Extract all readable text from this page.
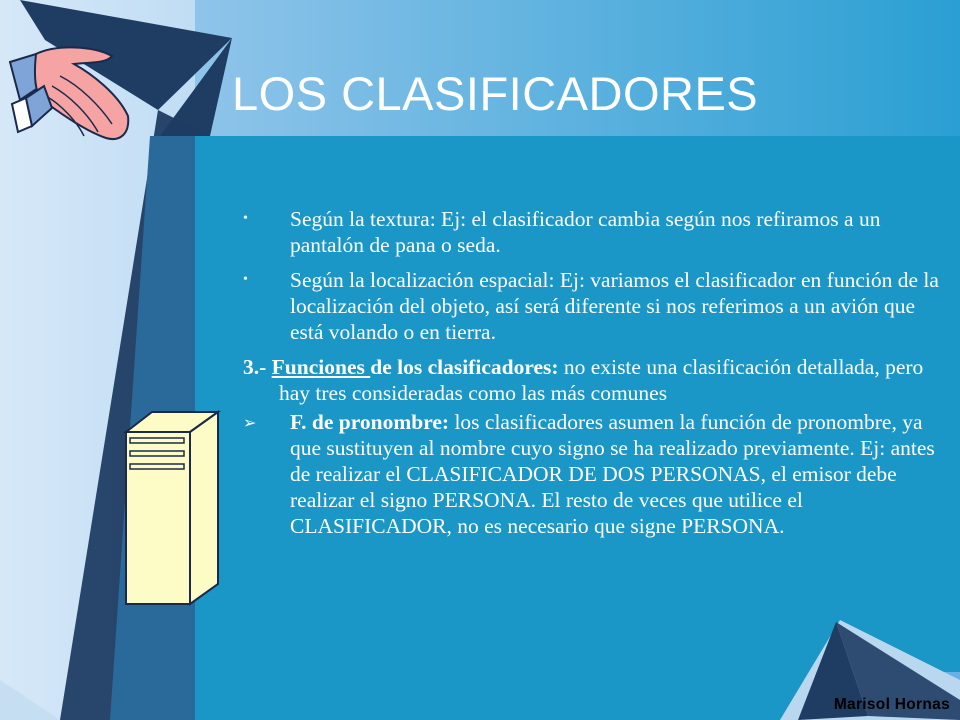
LOS CLASIFICADORES
• Según la textura: Ej: el clasificador cambia según nos refiramos a un pantalón de pana o seda.
• Según la localización espacial: Ej: variamos el clasificador en función de la localización del objeto, así será diferente si nos referimos a un avión que está volando o en tierra.
3.- Funciones de los clasificadores: no existe una clasificación detallada, pero hay tres consideradas como las más comunes
➢ F. de pronombre: los clasificadores asumen la función de pronombre, ya que sustituyen al nombre cuyo signo se ha realizado previamente. Ej: antes de realizar el CLASIFICADOR DE DOS PERSONAS, el emisor debe realizar el signo PERSONA. El resto de veces que utilice el CLASIFICADOR, no es necesario que signe PERSONA.
Marisol Hornas
